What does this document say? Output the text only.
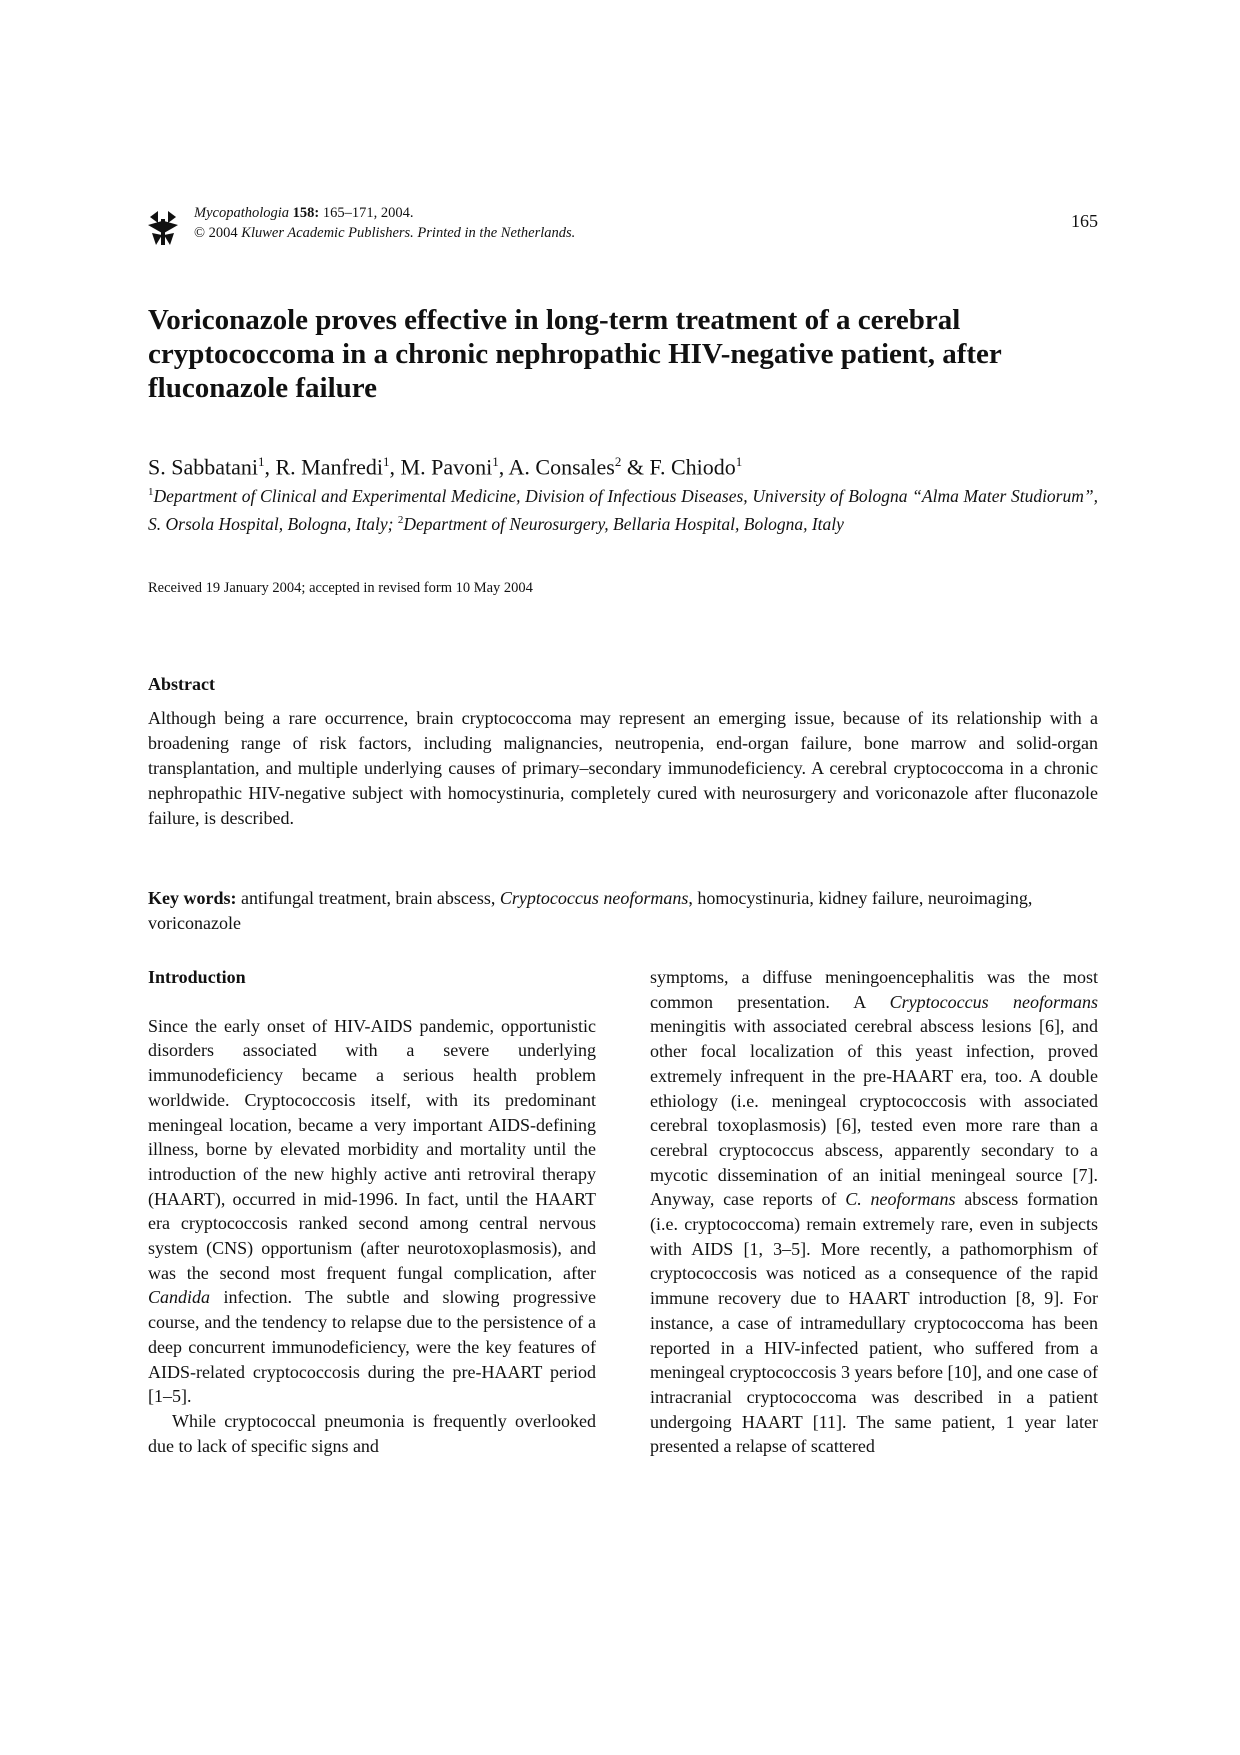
Mycopathologia 158: 165–171, 2004.
© 2004 Kluwer Academic Publishers. Printed in the Netherlands.
165
Voriconazole proves effective in long-term treatment of a cerebral cryptococcoma in a chronic nephropathic HIV-negative patient, after fluconazole failure
S. Sabbatani$^1$, R. Manfredi$^1$, M. Pavoni$^1$, A. Consales$^2$ & F. Chiodo$^1$
$^1$Department of Clinical and Experimental Medicine, Division of Infectious Diseases, University of Bologna “Alma Mater Studiorum”, S. Orsola Hospital, Bologna, Italy; $^2$Department of Neurosurgery, Bellaria Hospital, Bologna, Italy
Received 19 January 2004; accepted in revised form 10 May 2004
Abstract

Although being a rare occurrence, brain cryptococcoma may represent an emerging issue, because of its relationship with a broadening range of risk factors, including malignancies, neutropenia, end-organ failure, bone marrow and solid-organ transplantation, and multiple underlying causes of primary–secondary immunodeficiency. A cerebral cryptococcoma in a chronic nephropathic HIV-negative subject with homocystinuria, completely cured with neurosurgery and voriconazole after fluconazole failure, is described.

Key words: antifungal treatment, brain abscess, Cryptococcus neoformans, homocystinuria, kidney failure, neuroimaging, voriconazole

Introduction

Since the early onset of HIV-AIDS pandemic, opportunistic disorders associated with a severe underlying immunodeficiency became a serious health problem worldwide. Cryptococcosis itself, with its predominant meningeal location, became a very important AIDS-defining illness, borne by elevated morbidity and mortality until the introduction of the new highly active anti retroviral therapy (HAART), occurred in mid-1996. In fact, until the HAART era cryptococcosis ranked second among central nervous system (CNS) opportunism (after neurotoxoplasmosis), and was the second most frequent fungal complication, after Candida infection. The subtle and slowing progressive course, and the tendency to relapse due to the persistence of a deep concurrent immunodeficiency, were the key features of AIDS-related cryptococcosis during the pre-HAART period [1–5].

While cryptococcal pneumonia is frequently overlooked due to lack of specific signs and

symptoms, a diffuse meningoencephalitis was the most common presentation. A Cryptococcus neoformans meningitis with associated cerebral abscess lesions [6], and other focal localization of this yeast infection, proved extremely infrequent in the pre-HAART era, too. A double ethiology (i.e. meningeal cryptococcosis with associated cerebral toxoplasmosis) [6], tested even more rare than a cerebral cryptococcus abscess, apparently secondary to a mycotic dissemination of an initial meningeal source [7]. Anyway, case reports of C. neoformans abscess formation (i.e. cryptococcoma) remain extremely rare, even in subjects with AIDS [1, 3–5]. More recently, a pathomorphism of cryptococcosis was noticed as a consequence of the rapid immune recovery due to HAART introduction [8, 9]. For instance, a case of intramedullary cryptococcoma has been reported in a HIV-infected patient, who suffered from a meningeal cryptococcosis 3 years before [10], and one case of intracranial cryptococcoma was described in a patient undergoing HAART [11]. The same patient, 1 year later presented a relapse of scattered
